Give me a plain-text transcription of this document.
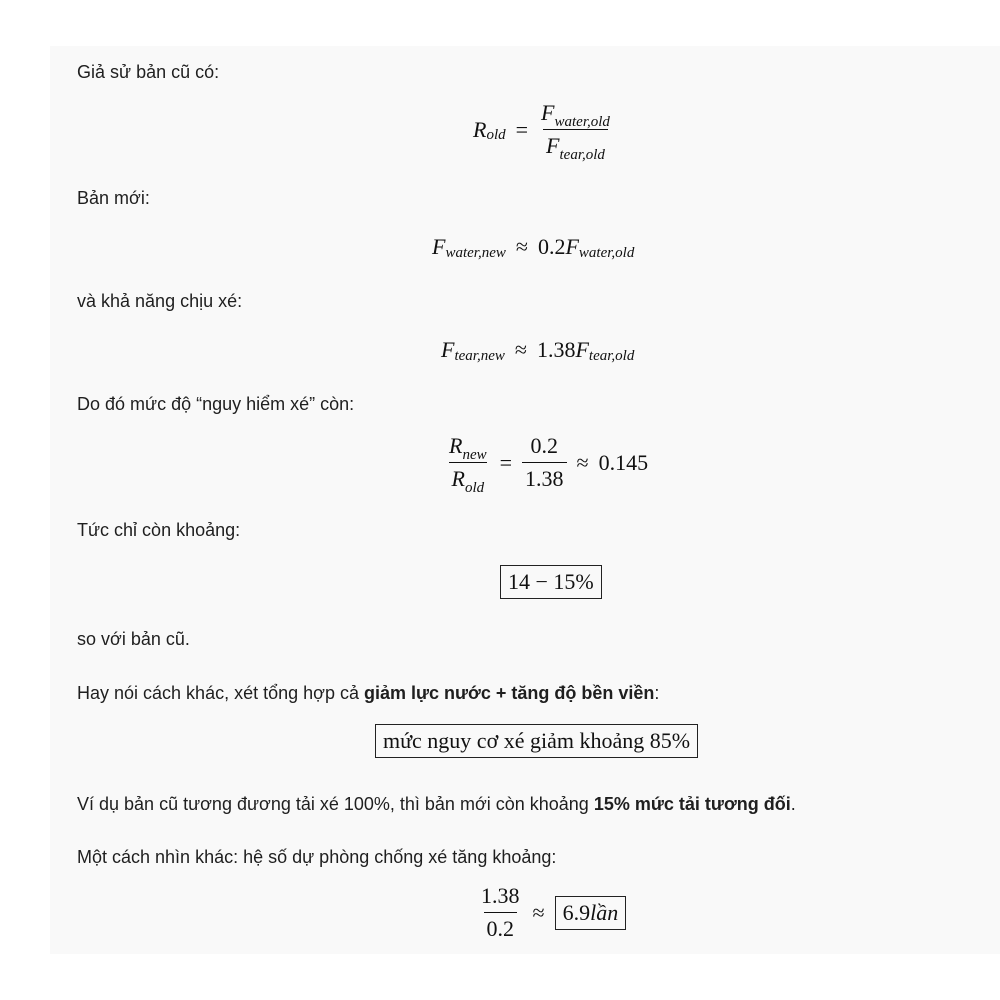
Giả sử bản cũ có:
R old = $\frac{F_{water,old}}{F_{tear,old}}$
Bản mới:
F water,new ≈ 0.2 F water,old
và khả năng chịu xé:
F tear,new ≈ 1.38 F tear,old
Do đó mức độ “nguy hiểm xé” còn:
$\frac{R_{new}}{R_{old}} = \frac{0.2}{1.38} \approx 0.145$
Tức chỉ còn khoảng:
14 − 15%
so với bản cũ.
Hay nói cách khác, xét tổng hợp cả giảm lực nước + tăng độ bền viền:
mức nguy cơ xé giảm khoảng 85%
Ví dụ bản cũ tương đương tải xé 100%, thì bản mới còn khoảng 15% mức tải tương đối.
Một cách nhìn khác: hệ số dự phòng chống xé tăng khoảng:
$\frac{1.38}{0.2}$ ≈ 6.9lần
